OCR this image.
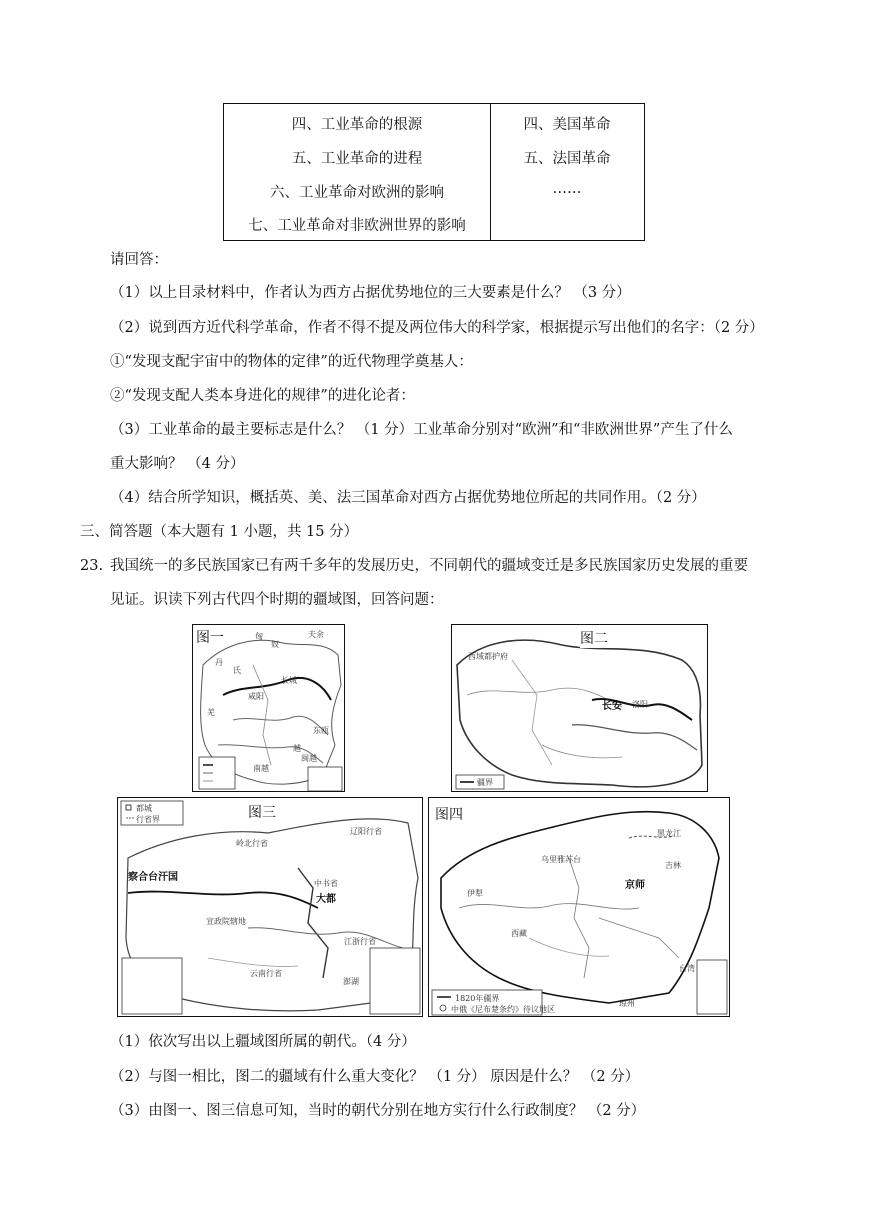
四、工业革命的根源
五、工业革命的进程
六、工业革命对欧洲的影响
七、工业革命对非欧洲世界的影响
四、美国革命
五、法国革命
……
请回答：
（1）以上目录材料中，作者认为西方占据优势地位的三大要素是什么？ （3 分）
（2）说到西方近代科学革命，作者不得不提及两位伟大的科学家，根据提示写出他们的名字：（2 分）
①“发现支配宇宙中的物体的定律”的近代物理学奠基人：
②“发现支配人类本身进化的规律”的进化论者：
（3）工业革命的最主要标志是什么？ （1 分）工业革命分别对“欧洲”和“非欧洲世界”产生了什么
重大影响？ （4 分）
（4）结合所学知识，概括英、美、法三国革命对西方占据优势地位所起的共同作用。（2 分）
三、简答题（本大题有 1 小题，共 15 分）
23. 我国统一的多民族国家已有两千多年的发展历史，不同朝代的疆域变迁是多民族国家历史发展的重要
见证。识读下列古代四个时期的疆域图，回答问题：
图一	匈
奴
夫余
丹
氏
羌
越
南越
东瓯
闽越
咸阳
长城
图二
西域都护府
长安 洛阳
疆界
图三
都城
行省界
岭北行省
辽阳行省
察合台汗国
中书省
大都
宣政院辖地
云南行省
江浙行省
澎湖
图四
京师
乌里雅苏台
伊犁
西藏
台湾
琼州
黑龙江
吉林
1820年疆界
中俄《尼布楚条约》待议地区
（1）依次写出以上疆域图所属的朝代。（4 分）
（2）与图一相比，图二的疆域有什么重大变化？ （1 分） 原因是什么？ （2 分）
（3）由图一、图三信息可知，当时的朝代分别在地方实行什么行政制度？ （2 分）
